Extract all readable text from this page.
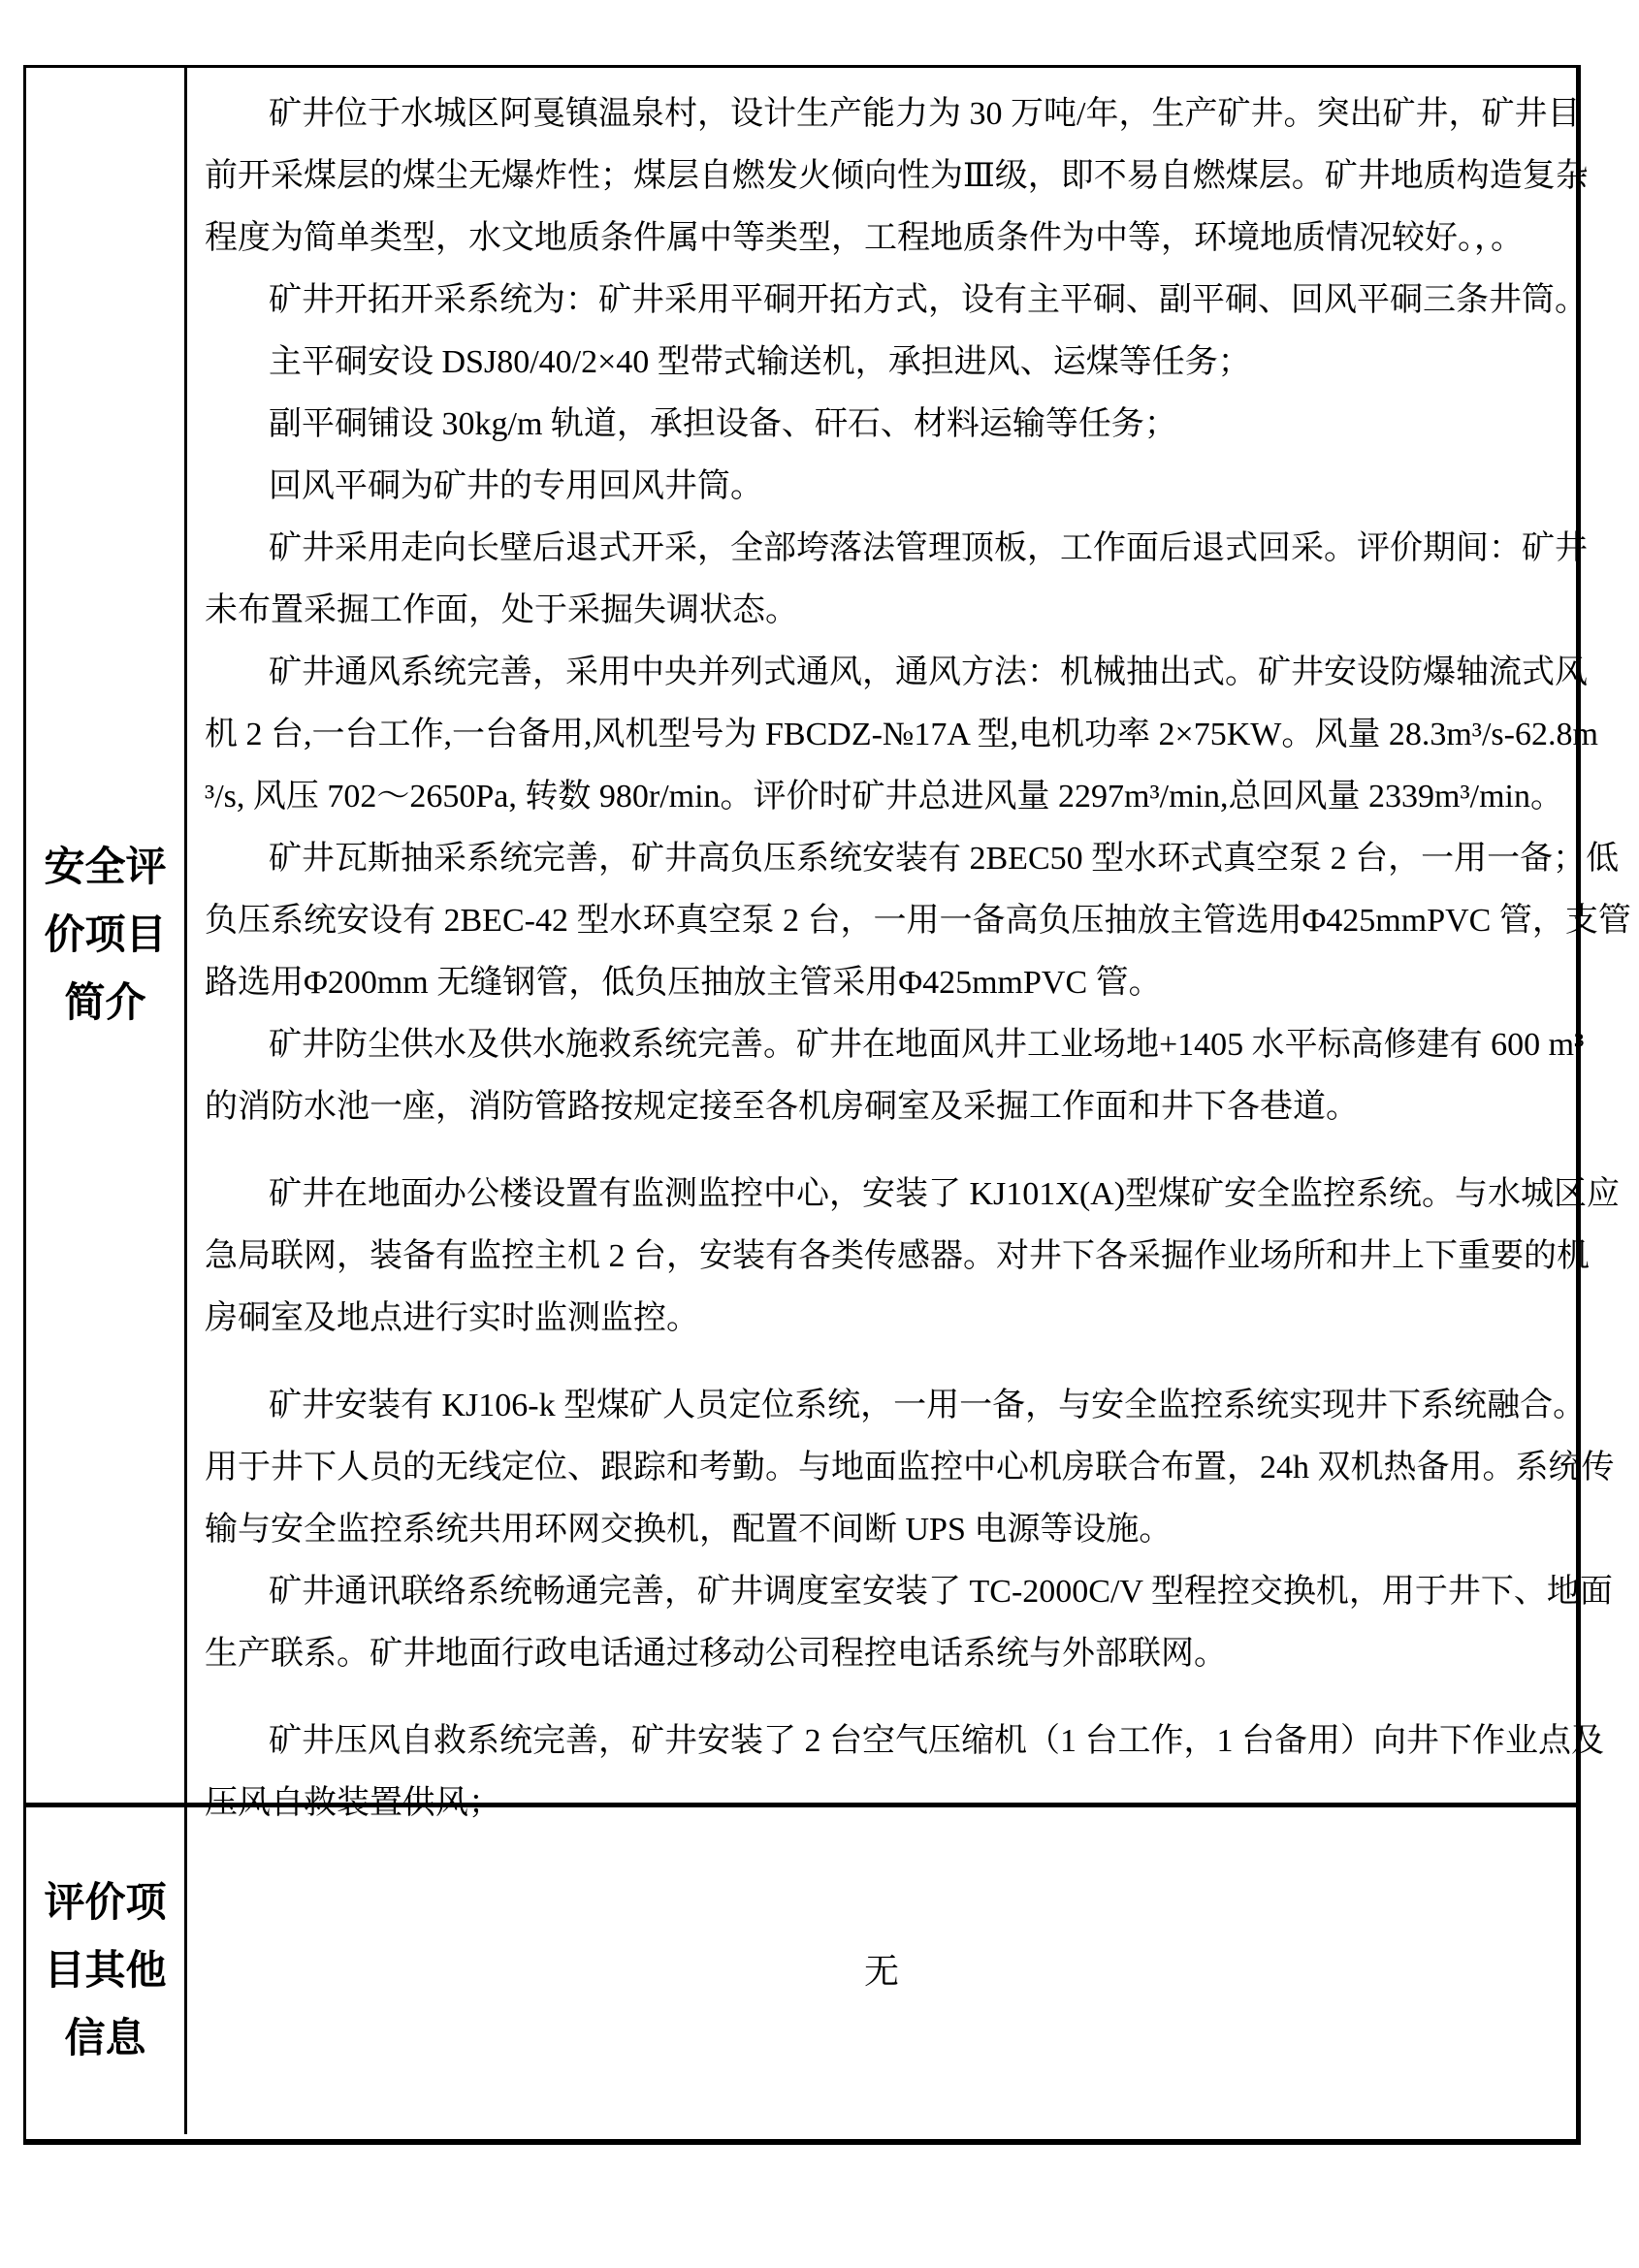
安全评
价项目
简介
矿井位于水城区阿戛镇温泉村，设计生产能力为 30 万吨/年，生产矿井。突出矿井，矿井目
前开采煤层的煤尘无爆炸性；煤层自燃发火倾向性为Ⅲ级，即不易自燃煤层。矿井地质构造复杂
程度为简单类型，水文地质条件属中等类型，工程地质条件为中等，环境地质情况较好。，。
矿井开拓开采系统为：矿井采用平硐开拓方式，设有主平硐、副平硐、回风平硐三条井筒。
主平硐安设 DSJ80/40/2×40 型带式输送机，承担进风、运煤等任务；
副平硐铺设 30kg/m 轨道，承担设备、矸石、材料运输等任务；
回风平硐为矿井的专用回风井筒。
矿井采用走向长壁后退式开采，全部垮落法管理顶板，工作面后退式回采。评价期间：矿井
未布置采掘工作面，处于采掘失调状态。
矿井通风系统完善，采用中央并列式通风，通风方法：机械抽出式。矿井安设防爆轴流式风
机 2 台,一台工作,一台备用,风机型号为 FBCDZ-№17A 型,电机功率 2×75KW。风量 28.3m³/s-62.8m
³/s, 风压 702～2650Pa, 转数 980r/min。评价时矿井总进风量 2297m³/min,总回风量 2339m³/min。
矿井瓦斯抽采系统完善，矿井高负压系统安装有 2BEC50 型水环式真空泵 2 台，一用一备；低
负压系统安设有 2BEC-42 型水环真空泵 2 台，一用一备高负压抽放主管选用Φ425mmPVC 管，支管
路选用Φ200mm 无缝钢管，低负压抽放主管采用Φ425mmPVC 管。
矿井防尘供水及供水施救系统完善。矿井在地面风井工业场地+1405 水平标高修建有 600 m³
的消防水池一座，消防管路按规定接至各机房硐室及采掘工作面和井下各巷道。
矿井在地面办公楼设置有监测监控中心，安装了 KJ101X(A)型煤矿安全监控系统。与水城区应
急局联网，装备有监控主机 2 台，安装有各类传感器。对井下各采掘作业场所和井上下重要的机
房硐室及地点进行实时监测监控。
矿井安装有 KJ106-k 型煤矿人员定位系统，一用一备，与安全监控系统实现井下系统融合。
用于井下人员的无线定位、跟踪和考勤。与地面监控中心机房联合布置，24h 双机热备用。系统传
输与安全监控系统共用环网交换机，配置不间断 UPS 电源等设施。
矿井通讯联络系统畅通完善，矿井调度室安装了 TC-2000C/V 型程控交换机，用于井下、地面
生产联系。矿井地面行政电话通过移动公司程控电话系统与外部联网。
矿井压风自救系统完善，矿井安装了 2 台空气压缩机（1 台工作，1 台备用）向井下作业点及
压风自救装置供风；
评价项
目其他
信息
无
